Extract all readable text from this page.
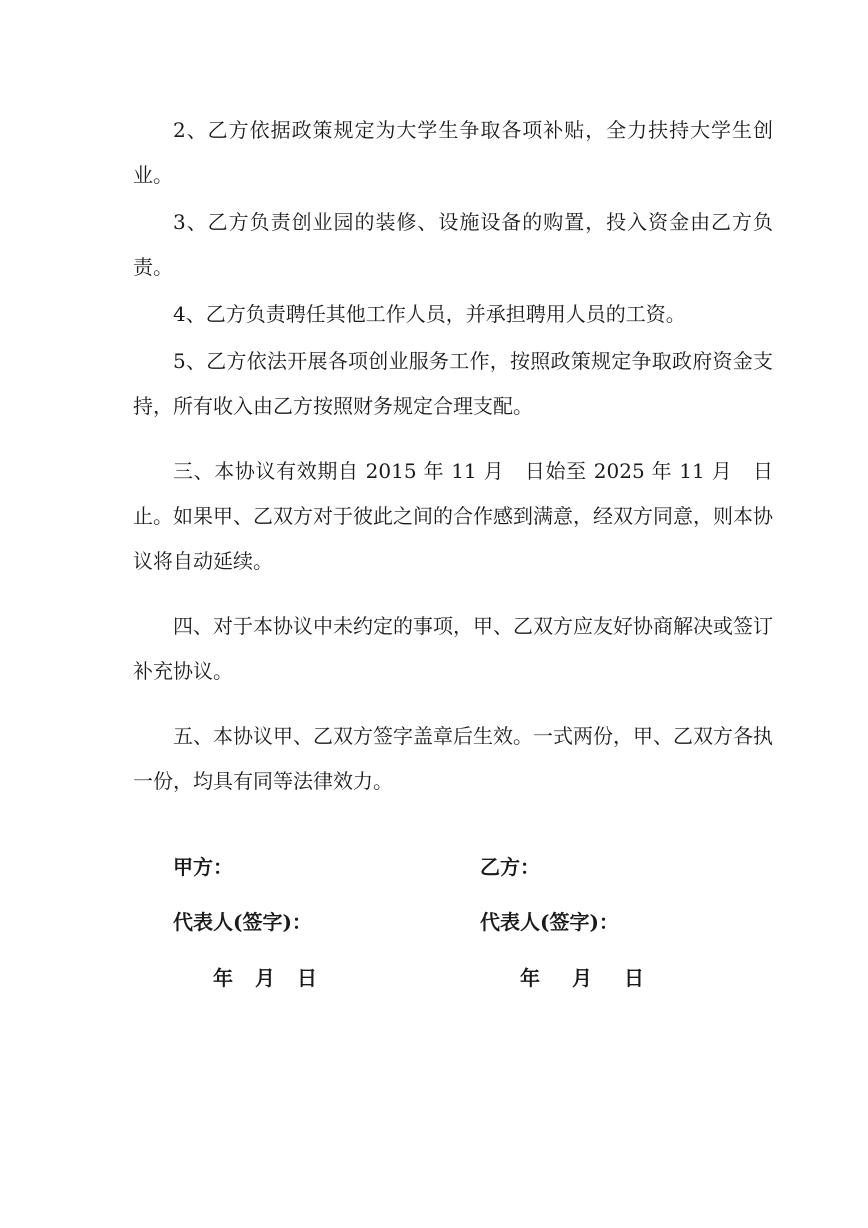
2、乙方依据政策规定为大学生争取各项补贴，全力扶持大学生创业。

3、乙方负责创业园的装修、设施设备的购置，投入资金由乙方负责。

4、乙方负责聘任其他工作人员，并承担聘用人员的工资。

5、乙方依法开展各项创业服务工作，按照政策规定争取政府资金支持，所有收入由乙方按照财务规定合理支配。

三、本协议有效期自 2015 年 11 月　日始至 2025 年 11 月　日止。如果甲、乙双方对于彼此之间的合作感到满意，经双方同意，则本协议将自动延续。

四、对于本协议中未约定的事项，甲、乙双方应友好协商解决或签订补充协议。

五、本协议甲、乙双方签字盖章后生效。一式两份，甲、乙双方各执一份，均具有同等法律效力。

甲方：
代表人(签字)：
年	月	日
乙方：
代表人(签字)：
年	月	日
